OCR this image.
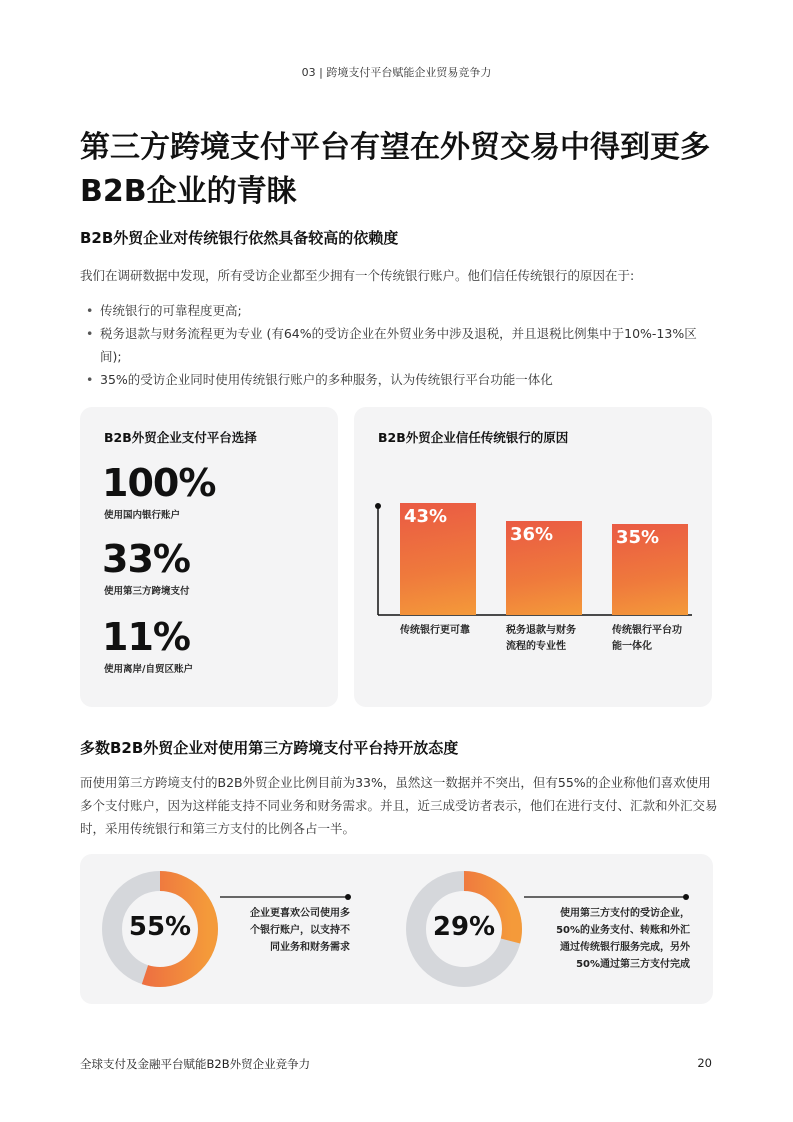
03 | 跨境支付平台赋能企业贸易竞争力
第三方跨境支付平台有望在外贸交易中得到更多B2B企业的青睐
B2B外贸企业对传统银行依然具备较高的依赖度
我们在调研数据中发现，所有受访企业都至少拥有一个传统银行账户。他们信任传统银行的原因在于:
• 传统银行的可靠程度更高;
• 税务退款与财务流程更为专业 (有64%的受访企业在外贸业务中涉及退税，并且退税比例集中于10%-13%区间);
• 35%的受访企业同时使用传统银行账户的多种服务，认为传统银行平台功能一体化
B2B外贸企业支付平台选择
100%
使用国内银行账户
33%
使用第三方跨境支付
11%
使用离岸/自贸区账户
B2B外贸企业信任传统银行的原因
43%
传统银行更可靠
36%
税务退款与财务
流程的专业性
35%
传统银行平台功
能一体化
多数B2B外贸企业对使用第三方跨境支付平台持开放态度
而使用第三方跨境支付的B2B外贸企业比例目前为33%，虽然这一数据并不突出，但有55%的企业称他们喜欢使用多个支付账户，因为这样能支持不同业务和财务需求。并且，近三成受访者表示，他们在进行支付、汇款和外汇交易时，采用传统银行和第三方支付的比例各占一半。
55%	企业更喜欢公司使用多
个银行账户，以支持不
同业务和财务需求
29%	使用第三方支付的受访企业，
50%的业务支付、转账和外汇
通过传统银行服务完成，另外
50%通过第三方支付完成
全球支付及金融平台赋能B2B外贸企业竞争力	20
